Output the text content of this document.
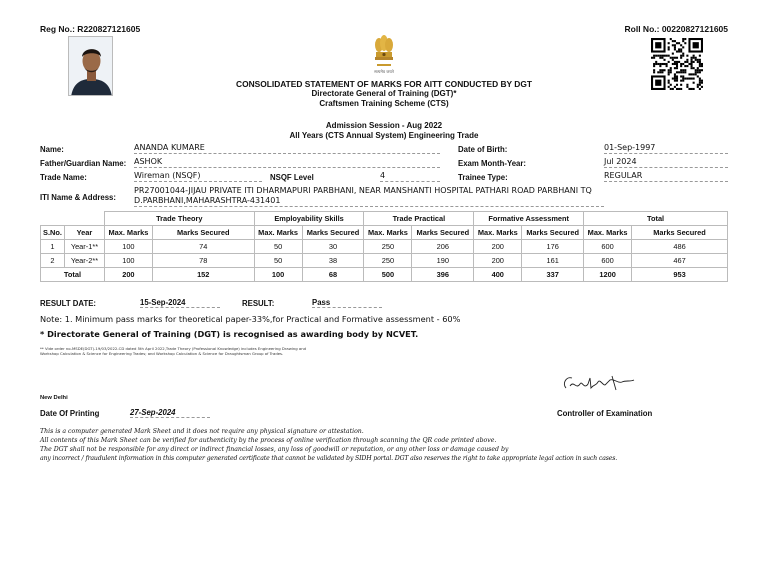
Reg No.: R220827121605	Roll No.: 00220827121605
सत्यमेव जयते
CONSOLIDATED STATEMENT OF MARKS FOR AITT CONDUCTED BY DGT
Directorate General of Training (DGT)*
Craftsmen Training Scheme (CTS)
Admission Session - Aug 2022
All Years (CTS Annual System) Engineering Trade
Name:	ANANDA KUMARE	Date of Birth:	01-Sep-1997
Father/Guardian Name: ASHOK	Exam Month-Year:	Jul 2024
Trade Name:	Wireman (NSQF)	NSQF Level	4	Trainee Type:	REGULAR
ITI Name & Address:
PR27001044-JIJAU PRIVATE ITI DHARMAPURI PARBHANI, NEAR MANSHANTI HOSPITAL PATHARI ROAD PARBHANI TQ
D.PARBHANI,MAHARASHTRA-431401
		Trade Theory		Employability Skills		Trade Practical		Formative Assessment		Total	
S.No.	Year	Max. Marks	Marks Secured	Max. Marks	Marks Secured	Max. Marks	Marks Secured	Max. Marks	Marks Secured	Max. Marks	Marks Secured
1	Year-1**	100	74	50	30	250	206	200	176	600	486
2	Year-2**	100	78	50	38	250	190	200	161	600	467
Total		200	152	100	68	500	396	400	337	1200	953
RESULT DATE:	15-Sep-2024	RESULT:	Pass
Note: 1. Minimum pass marks for theoretical paper-33%,for Practical and Formative assessment - 60%
* Directorate General of Training (DGT) is recognised as awarding body by NCVET.
** Vide order no-MSDE(DGT)-19/03/2022-CD dated 5th April 2022,Trade Theory (Professional Knowledge) includes Engineering Drawing and
Workshop Calculation & Science for Engineering Trades; and Workshop Calculation & Science for Draughtsman Group of Trades.
New Delhi
Date Of Printing	27-Sep-2024	Controller of Examination
This is a computer generated Mark Sheet and it does not require any physical signature or attestation.
All contents of this Mark Sheet can be verified for authenticity by the process of online verification through scanning the QR code printed above.
The DGT shall not be responsible for any direct or indirect financial losses, any loss of goodwill or reputation, or any other loss or damage caused by
any incorrect / fraudulent information in this computer generated certificate that cannot be validated by SIDH portal. DGT also reserves the right to take appropriate legal action in such cases.
